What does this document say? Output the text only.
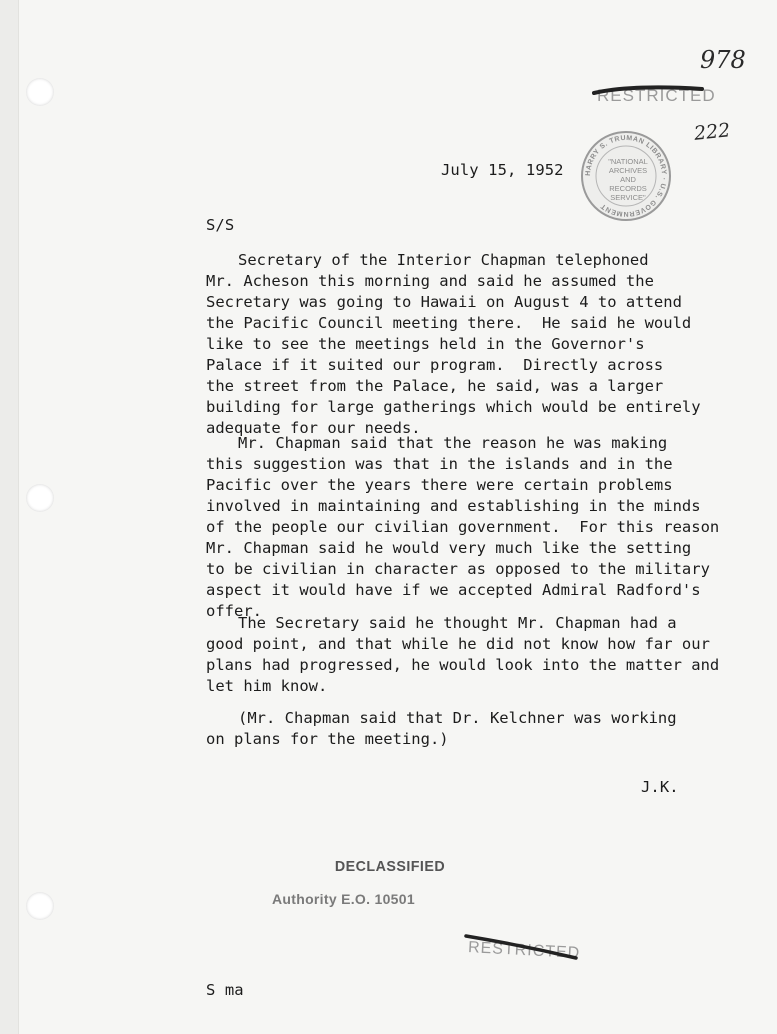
978
222
RESTRICTED
HARRY S. TRUMAN LIBRARY · U.S. GOVERNMENT
"NATIONAL ARCHIVES AND RECORDS SERVICE"
July 15, 1952
S/S
Secretary of the Interior Chapman telephoned
Mr. Acheson this morning and said he assumed the
Secretary was going to Hawaii on August 4 to attend
the Pacific Council meeting there.  He said he would
like to see the meetings held in the Governor's
Palace if it suited our program.  Directly across
the street from the Palace, he said, was a larger
building for large gatherings which would be entirely
adequate for our needs.
Mr. Chapman said that the reason he was making
this suggestion was that in the islands and in the
Pacific over the years there were certain problems
involved in maintaining and establishing in the minds
of the people our civilian government.  For this reason
Mr. Chapman said he would very much like the setting
to be civilian in character as opposed to the military
aspect it would have if we accepted Admiral Radford's
offer.
The Secretary said he thought Mr. Chapman had a
good point, and that while he did not know how far our
plans had progressed, he would look into the matter and
let him know.
(Mr. Chapman said that Dr. Kelchner was working
on plans for the meeting.)
J.K.
DECLASSIFIED
Authority E.O. 10501
RESTRICTED
S ma
